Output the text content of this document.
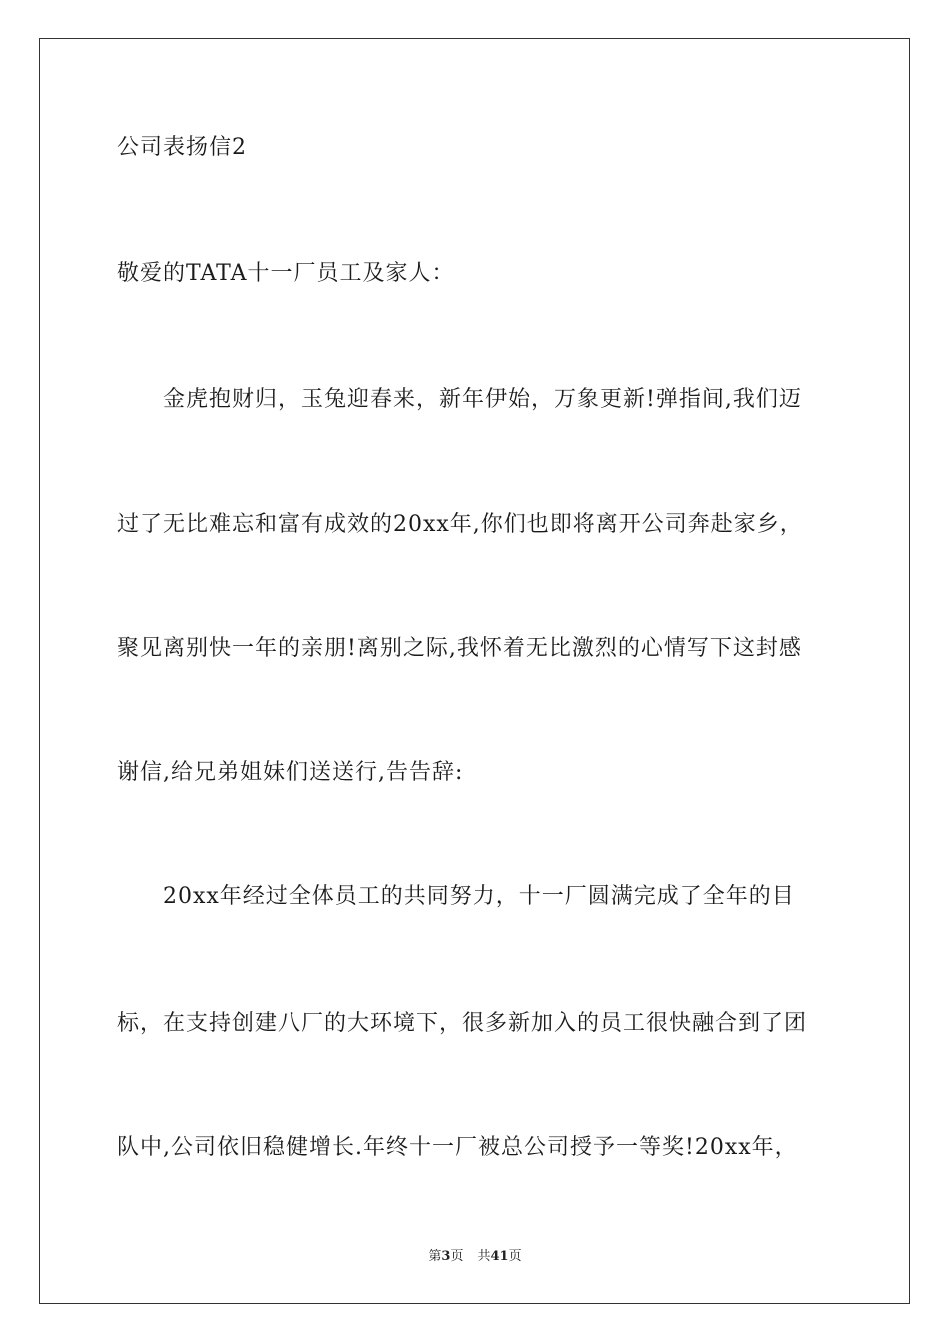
公司表扬信2
敬爱的TATA十一厂员工及家人：
金虎抱财归，玉兔迎春来，新年伊始，万象更新!弹指间,我们迈
过了无比难忘和富有成效的20xx年,你们也即将离开公司奔赴家乡，
聚见离别快一年的亲朋!离别之际,我怀着无比激烈的心情写下这封感
谢信,给兄弟姐妹们送送行,告告辞:
20xx年经过全体员工的共同努力，十一厂圆满完成了全年的目
标，在支持创建八厂的大环境下，很多新加入的员工很快融合到了团
队中,公司依旧稳健增长.年终十一厂被总公司授予一等奖!20xx年，
第3页 共41页
